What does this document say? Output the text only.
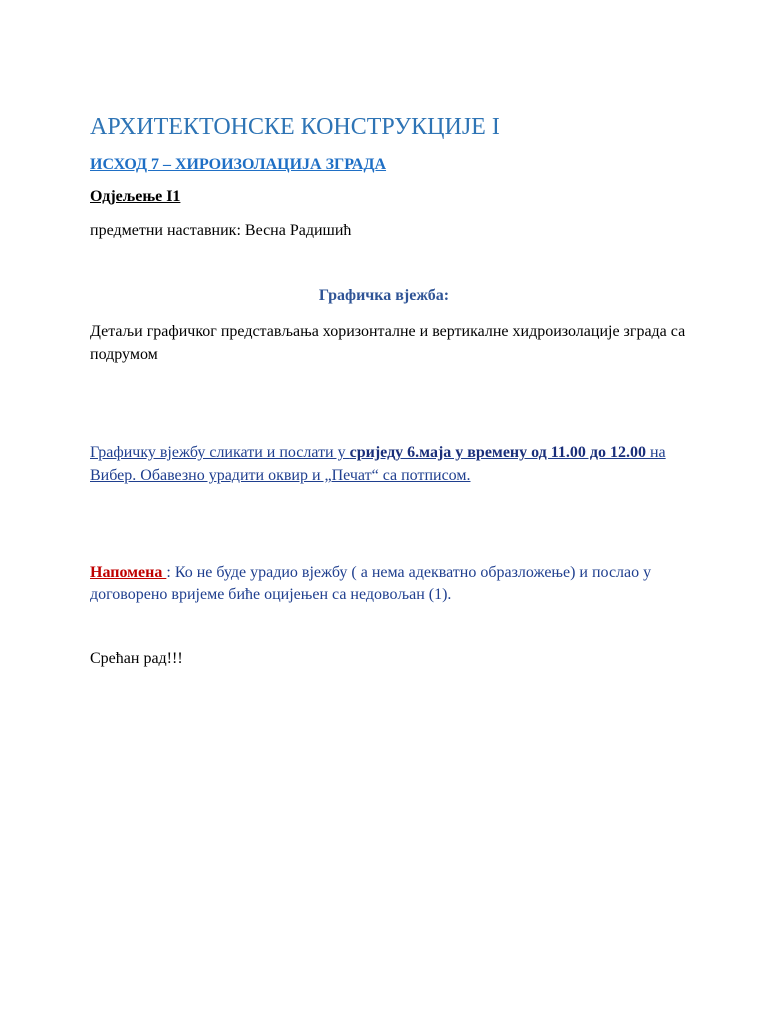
АРХИТЕКТОНСКЕ КОНСТРУКЦИЈЕ I
ИСХОД 7 – ХИРОИЗОЛАЦИЈА ЗГРАДА
Одјељење I1
предметни наставник: Весна Радишић
Графичка вјежба:
Детаљи графичког представљања хоризонталне и вертикалне хидроизолације зграда са подрумом
Графичку вјежбу сликати и послати у сриједу 6.маја у времену од 11.00 до 12.00 на Вибер. Обавезно урадити оквир и „Печат“ са потписом.
Напомена : Ко не буде урадио вјежбу ( а нема адекватно образложење) и послао у договорено вријеме биће оцијењен са недовољан (1).
Срећан рад!!!
